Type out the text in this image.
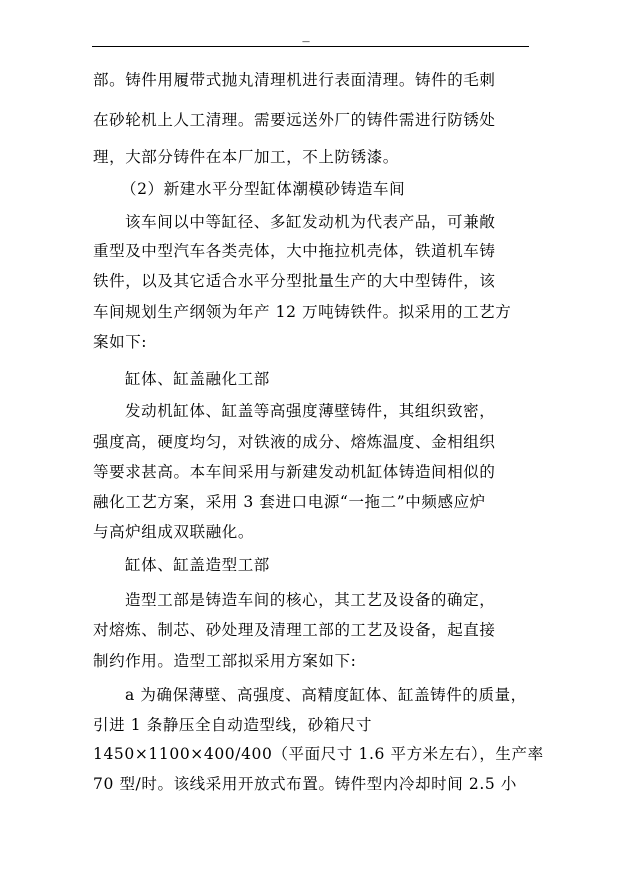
—
部。铸件用履带式抛丸清理机进行表面清理。铸件的毛刺
在砂轮机上人工清理。需要远送外厂的铸件需进行防锈处
理，大部分铸件在本厂加工，不上防锈漆。
（2）新建水平分型缸体潮模砂铸造车间
该车间以中等缸径、多缸发动机为代表产品，可兼敞
重型及中型汽车各类壳体，大中拖拉机壳体，铁道机车铸
铁件，以及其它适合水平分型批量生产的大中型铸件，该
车间规划生产纲领为年产 12 万吨铸铁件。拟采用的工艺方
案如下:
缸体、缸盖融化工部
发动机缸体、缸盖等高强度薄壁铸件，其组织致密，
强度高，硬度均匀，对铁液的成分、熔炼温度、金相组织
等要求甚高。本车间采用与新建发动机缸体铸造间相似的
融化工艺方案，采用 3 套进口电源“一拖二”中频感应炉
与高炉组成双联融化。
缸体、缸盖造型工部
造型工部是铸造车间的核心，其工艺及设备的确定，
对熔炼、制芯、砂处理及清理工部的工艺及设备，起直接
制约作用。造型工部拟采用方案如下:
a 为确保薄壁、高强度、高精度缸体、缸盖铸件的质量，
引进 1 条静压全自动造型线，砂箱尺寸
1450×1100×400/400（平面尺寸 1.6 平方米左右），生产率
70 型/时。该线采用开放式布置。铸件型内冷却时间 2.5 小
